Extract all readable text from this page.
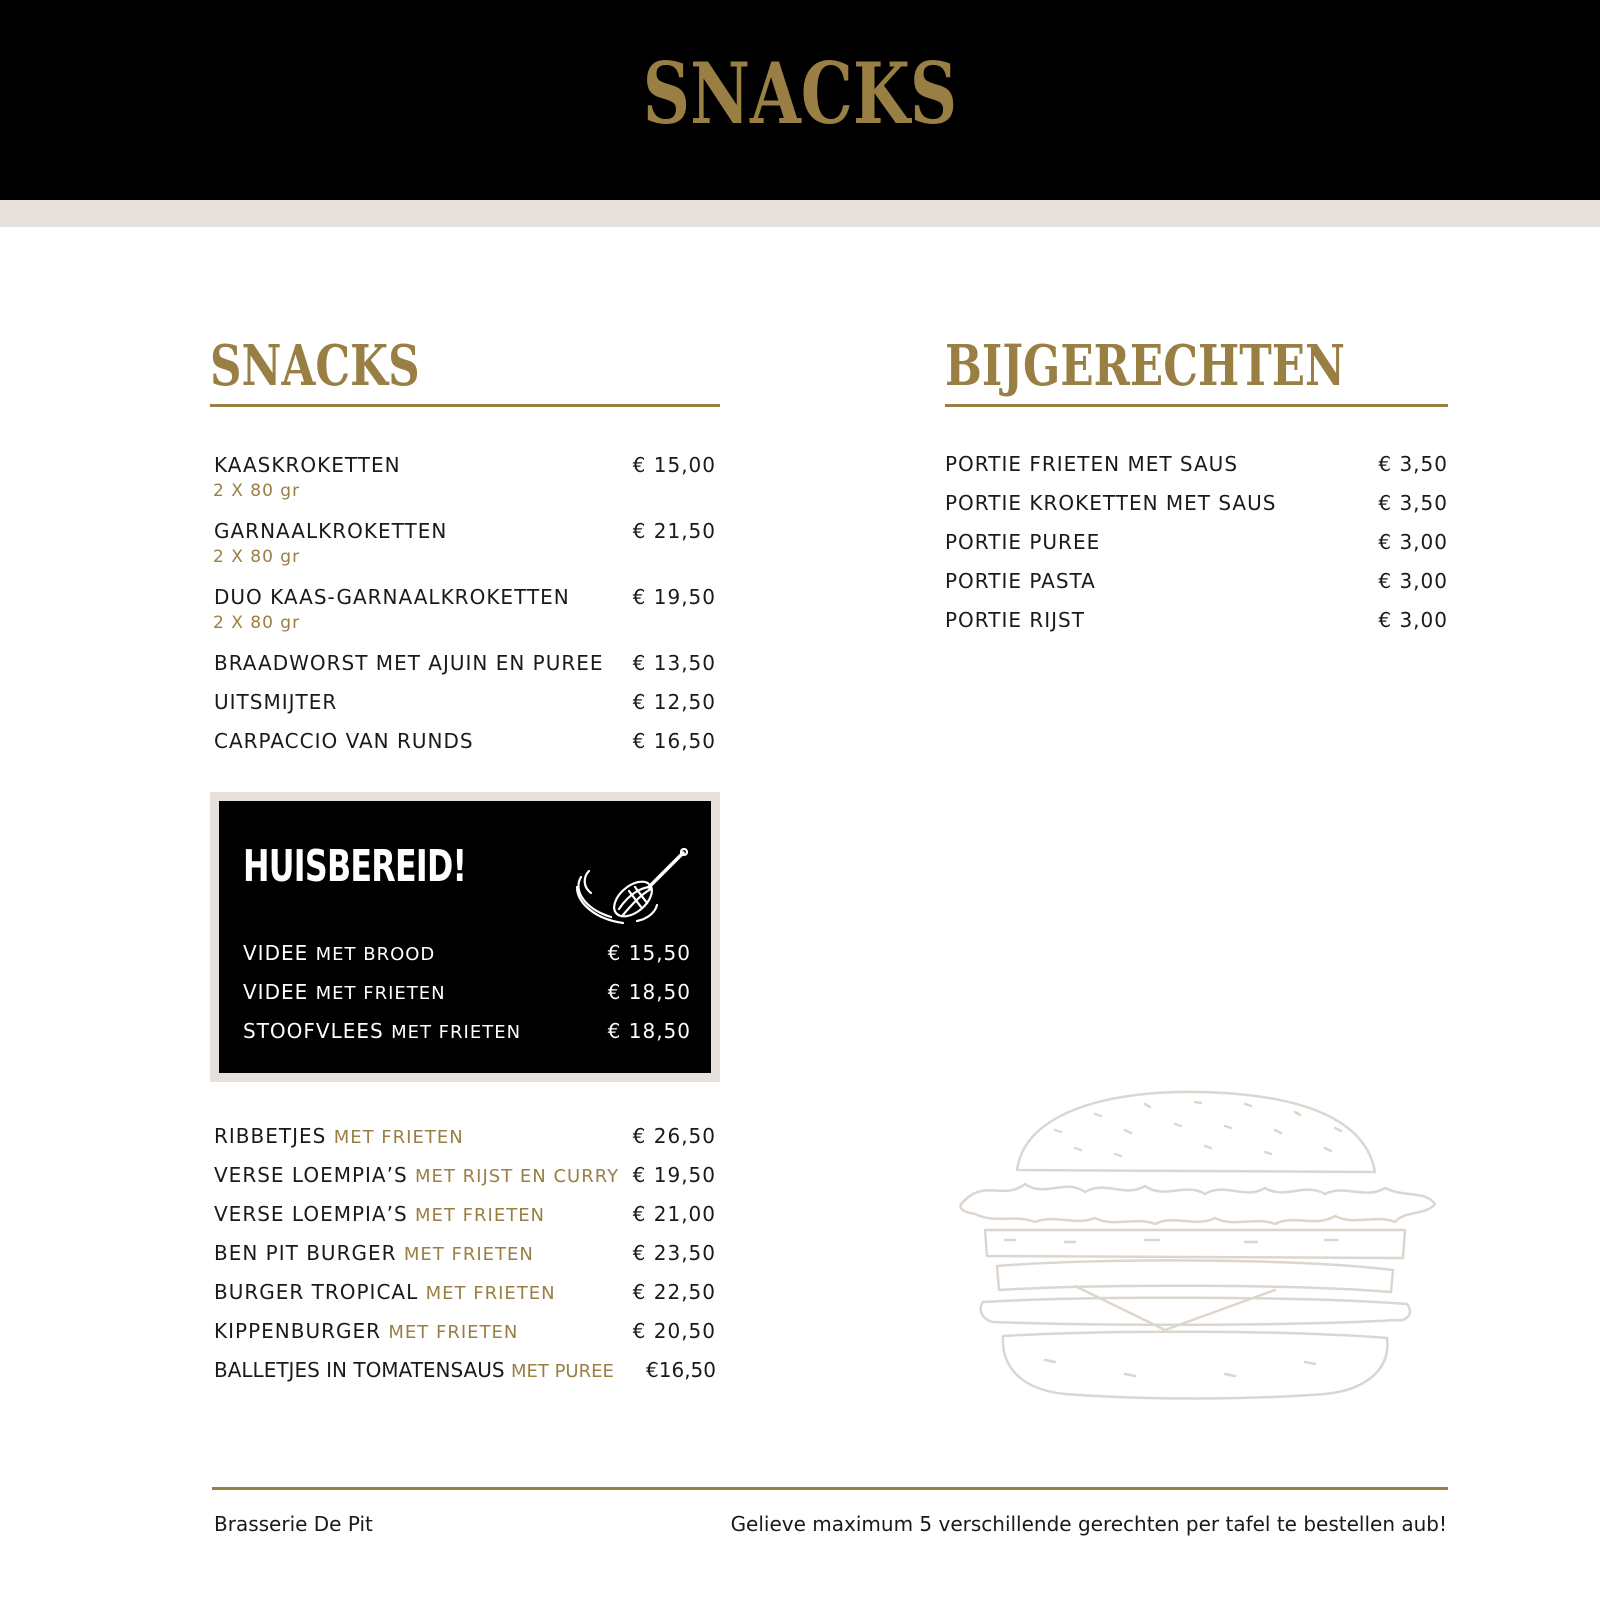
SNACKS
SNACKS
KAASKROKETTEN	€ 15,00
2 X 80 gr
GARNAALKROKETTEN	€ 21,50
2 X 80 gr
DUO KAAS-GARNAALKROKETTEN	€ 19,50
2 X 80 gr
BRAADWORST MET AJUIN EN PUREE € 13,50
UITSMIJTER	€ 12,50
CARPACCIO VAN RUNDS	€ 16,50
HUISBEREID!
VIDEE MET BROOD	€ 15,50
VIDEE MET FRIETEN	€ 18,50
STOOFVLEES MET FRIETEN	€ 18,50
RIBBETJES MET FRIETEN	€ 26,50
VERSE LOEMPIA’S MET RIJST EN CURRY € 19,50
VERSE LOEMPIA’S MET FRIETEN	€ 21,00
BEN PIT BURGER MET FRIETEN	€ 23,50
BURGER TROPICAL MET FRIETEN	€ 22,50
KIPPENBURGER MET FRIETEN	€ 20,50
BALLETJES IN TOMATENSAUS MET PUREE €16,50
BIJGERECHTEN
PORTIE FRIETEN MET SAUS	€ 3,50
PORTIE KROKETTEN MET SAUS	€ 3,50
PORTIE PUREE	€ 3,00
PORTIE PASTA	€ 3,00
PORTIE RIJST	€ 3,00
Brasserie De Pit	Gelieve maximum 5 verschillende gerechten per tafel te bestellen aub!
